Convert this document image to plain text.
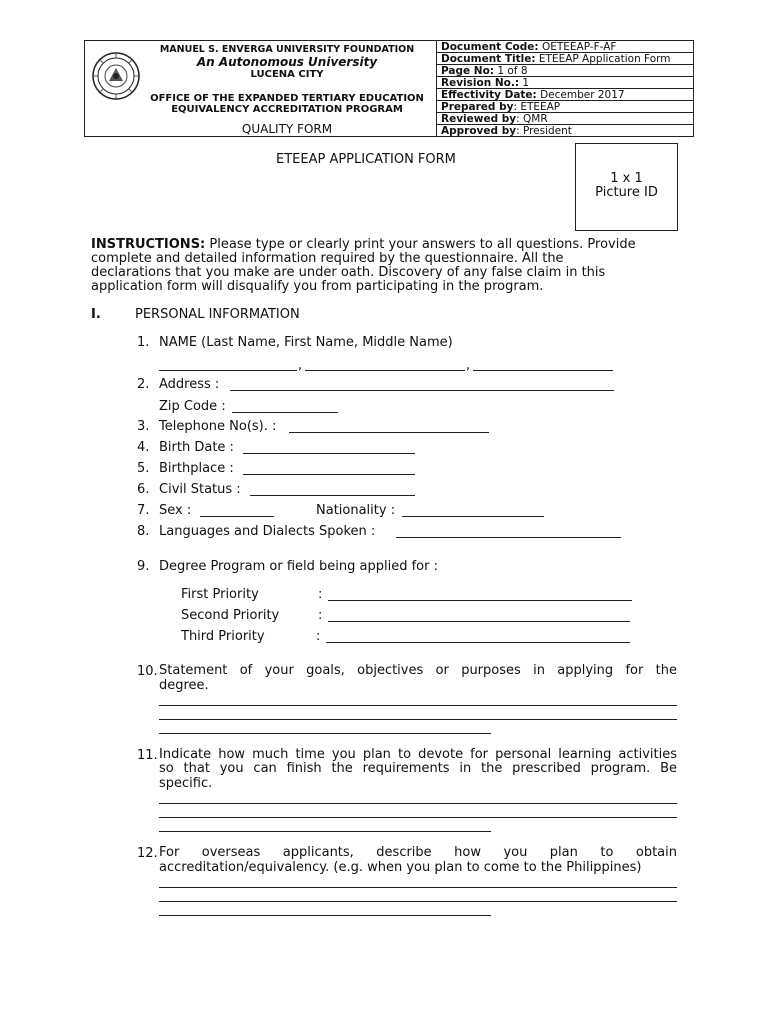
MANUEL S. ENVERGA UNIVERSITY FOUNDATION
An Autonomous University
LUCENA CITY
OFFICE OF THE EXPANDED TERTIARY EDUCATION
EQUIVALENCY ACCREDITATION PROGRAM
QUALITY FORM
Document Code: OETEEAP-F-AF
Document Title: ETEEAP Application Form
Page No: 1 of 8
Revision No.: 1
Effectivity Date: December 2017
Prepared by: ETEEAP
Reviewed by: QMR
Approved by: President
ETEEAP APPLICATION FORM
1 x 1
Picture ID
INSTRUCTIONS: Please type or clearly print your answers to all questions. Provide
complete and detailed information required by the questionnaire. All the
declarations that you make are under oath. Discovery of any false claim in this
application form will disqualify you from participating in the program.
I.	PERSONAL INFORMATION
1. NAME (Last Name, First Name, Middle Name)
,	,
2. Address :
Zip Code :
3. Telephone No(s). :
4. Birth Date :
5. Birthplace :
6. Civil Status :
7. Sex :	Nationality :
8. Languages and Dialects Spoken :
9. Degree Program or field being applied for :
First Priority	:
Second Priority	:
Third Priority	:
10. Statement of your goals, objectives or purposes in applying for the
degree.
11. Indicate how much time you plan to devote for personal learning activities
so that you can finish the requirements in the prescribed program. Be
specific.
12. For overseas applicants, describe how you plan to obtain
accreditation/equivalency. (e.g. when you plan to come to the Philippines)
